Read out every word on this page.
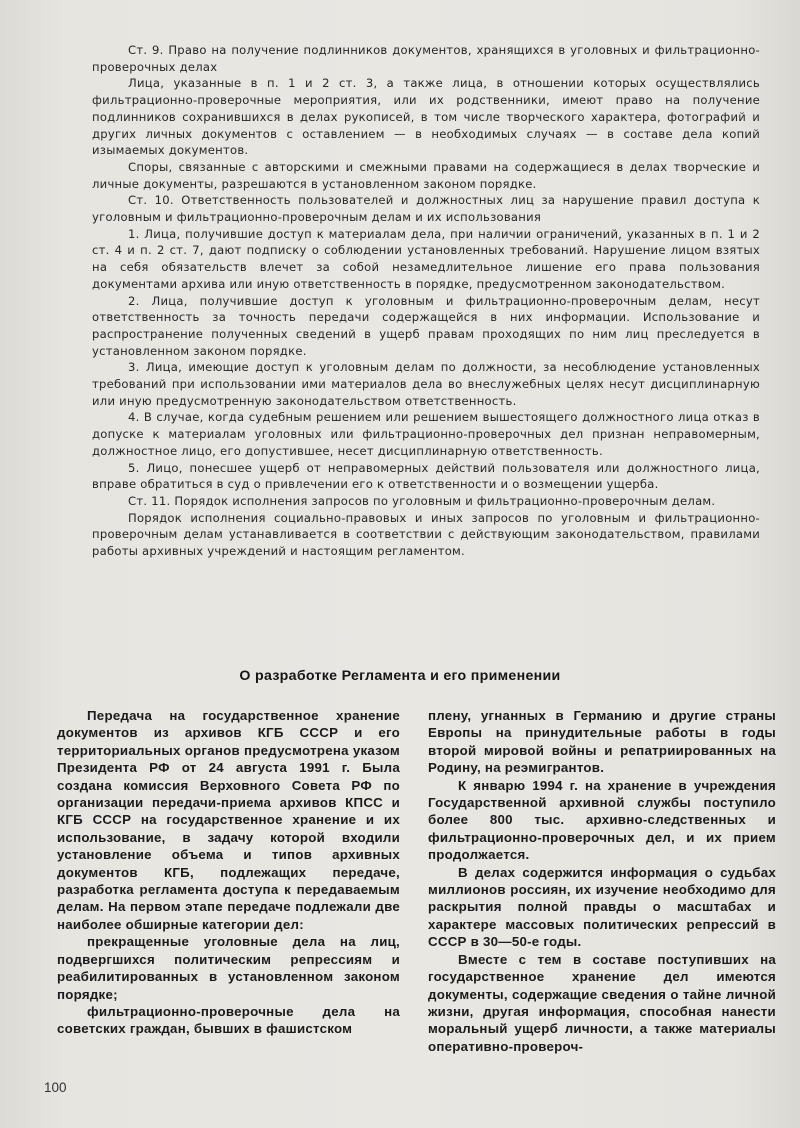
Ст. 9. Право на получение подлинников документов, хранящихся в уголовных и фильтрационно-проверочных делах

Лица, указанные в п. 1 и 2 ст. 3, а также лица, в отношении которых осуществлялись фильтрационно-проверочные мероприятия, или их родственники, имеют право на получение подлинников сохранившихся в делах рукописей, в том числе творческого характера, фотографий и других личных документов с оставлением — в необходимых случаях — в составе дела копий изымаемых документов.

Споры, связанные с авторскими и смежными правами на содержащиеся в делах творческие и личные документы, разрешаются в установленном законом порядке.

Ст. 10. Ответственность пользователей и должностных лиц за нарушение правил доступа к уголовным и фильтрационно-проверочным делам и их использования

1. Лица, получившие доступ к материалам дела, при наличии ограничений, указанных в п. 1 и 2 ст. 4 и п. 2 ст. 7, дают подписку о соблюдении установленных требований. Нарушение лицом взятых на себя обязательств влечет за собой незамедлительное лишение его права пользования документами архива или иную ответственность в порядке, предусмотренном законодательством.

2. Лица, получившие доступ к уголовным и фильтрационно-проверочным делам, несут ответственность за точность передачи содержащейся в них информации. Использование и распространение полученных сведений в ущерб правам проходящих по ним лиц преследуется в установленном законом порядке.

3. Лица, имеющие доступ к уголовным делам по должности, за несоблюдение установленных требований при использовании ими материалов дела во внеслужебных целях несут дисциплинарную или иную предусмотренную законодательством ответственность.

4. В случае, когда судебным решением или решением вышестоящего должностного лица отказ в допуске к материалам уголовных или фильтрационно-проверочных дел признан неправомерным, должностное лицо, его допустившее, несет дисциплинарную ответственность.

5. Лицо, понесшее ущерб от неправомерных действий пользователя или должностного лица, вправе обратиться в суд о привлечении его к ответственности и о возмещении ущерба.

Ст. 11. Порядок исполнения запросов по уголовным и фильтрационно-проверочным делам.

Порядок исполнения социально-правовых и иных запросов по уголовным и фильтрационно-проверочным делам устанавливается в соответствии с действующим законодательством, правилами работы архивных учреждений и настоящим регламентом.

О разработке Регламента и его применении

Передача на государственное хранение документов из архивов КГБ СССР и его территориальных органов предусмотрена указом Президента РФ от 24 августа 1991 г. Была создана комиссия Верховного Совета РФ по организации передачи-приема архивов КПСС и КГБ СССР на государственное хранение и их использование, в задачу которой входили установление объема и типов архивных документов КГБ, подлежащих передаче, разработка регламента доступа к передаваемым делам. На первом этапе передаче подлежали две наиболее обширные категории дел:

прекращенные уголовные дела на лиц, подвергшихся политическим репрессиям и реабилитированных в установленном законом порядке;

фильтрационно-проверочные дела на советских граждан, бывших в фашистском

плену, угнанных в Германию и другие страны Европы на принудительные работы в годы второй мировой войны и репатриированных на Родину, на реэмигрантов.

К январю 1994 г. на хранение в учреждения Государственной архивной службы поступило более 800 тыс. архивно-следственных и фильтрационно-проверочных дел, и их прием продолжается.

В делах содержится информация о судьбах миллионов россиян, их изучение необходимо для раскрытия полной правды о масштабах и характере массовых политических репрессий в СССР в 30—50-е годы.

Вместе с тем в составе поступивших на государственное хранение дел имеются документы, содержащие сведения о тайне личной жизни, другая информация, способная нанести моральный ущерб личности, а также материалы оперативно-провероч-

100
